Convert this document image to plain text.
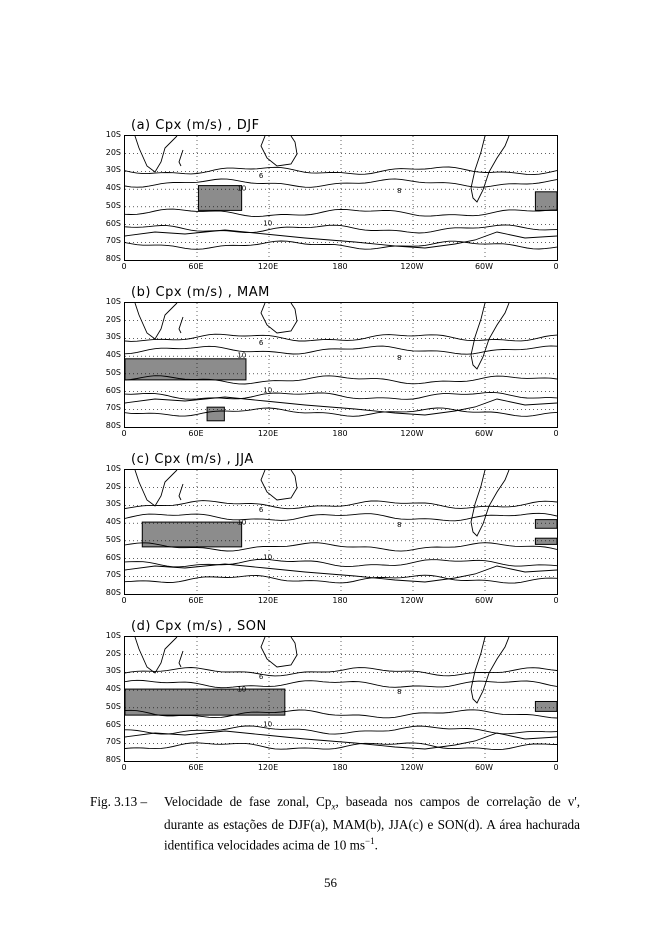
(a) Cpx (m/s) , DJF
(b) Cpx (m/s) , MAM
(c) Cpx (m/s) , JJA
(d) Cpx (m/s) , SON
10
6
8
10
10
6
8
10
10
6
8
10
10
6
8
10
10S
20S
30S
40S
50S
60S
70S
80S
0	60E	120E	180	120W	60W	0
10S
20S
30S
40S
50S
60S
70S
80S
0	60E	120E	180	120W	60W	0
10S
20S
30S
40S
50S
60S
70S
80S
0	60E	120E	180	120W	60W	0
10S
20S
30S
40S
50S
60S
70S
80S
0	60E	120E	180	120W	60W	0
Fig. 3.13 – Velocidade de fase zonal, $Cp_x$, baseada nos campos de correlação de v', durante as estações de DJF(a), MAM(b), JJA(c) e SON(d). A área hachurada identifica velocidades acima de 10 $ms^{-1}$.
56
